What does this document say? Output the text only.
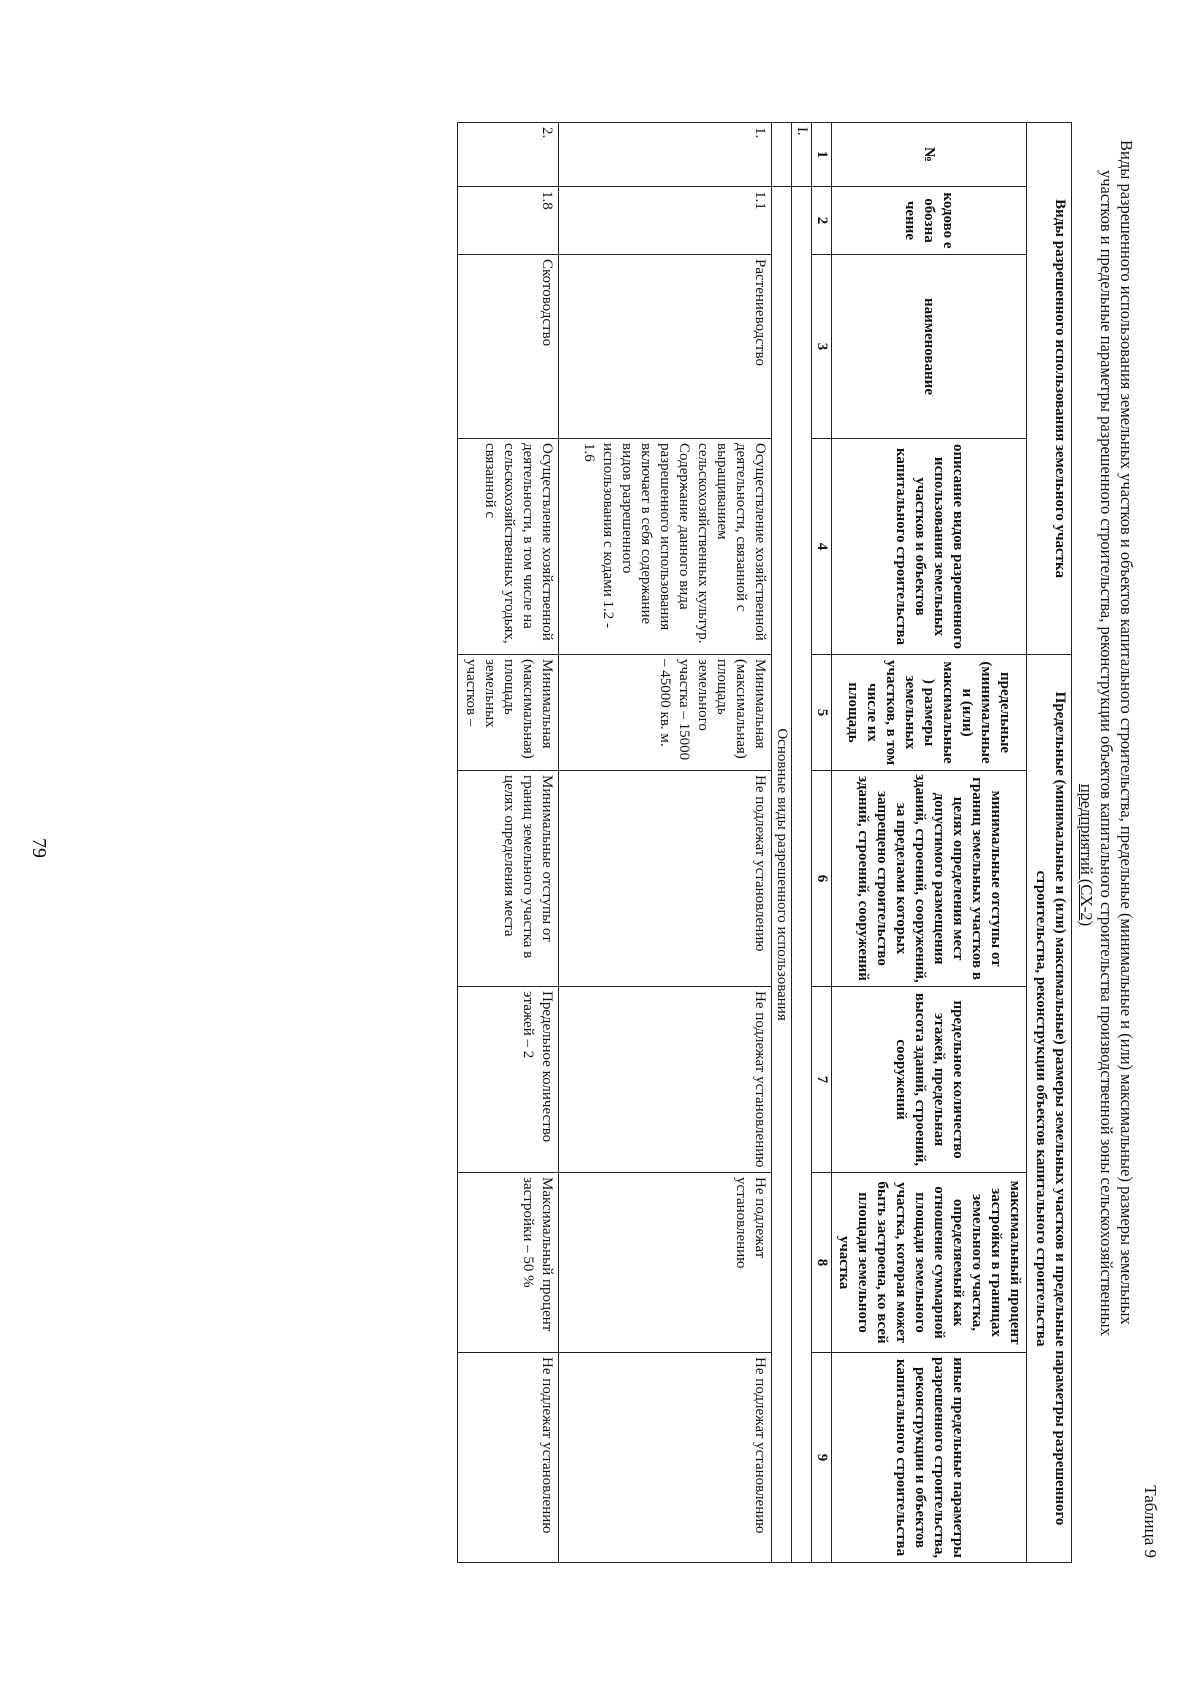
79
Таблица 9
Виды разрешенного использования земельного участка				Предельные (минимальные и (или) максимальные) размеры земельных участков и предельные параметры разрешенного строительства, реконструкции объектов капитального строительства				
№	кодово е обозна чение	наименование	описание видов разрешенного использования земельных участков и объектов капитального строительства	предельные (минимальные и (или) максимальные ) размеры земельных участков, в том числе их площадь	минимальные отступы от границ земельных участков в целях определения мест допустимого размещения зданий, строений, сооружений, за пределами которых запрещено строительство зданий, строений, сооружений	предельное количество этажей, предельная высота зданий, строений, сооружений	максимальный процент застройки в границах земельного участка, определяемый как отношение суммарной площади земельного участка, которая может быть застроена, ко всей площади земельного участка	иные предельные параметры разрешенного строительства, реконструкции и объектов капитального строительства
1	2	3	4	5	6	7	8	9
I.								
	Основные виды разрешенного использования							
1.	1.1	Растениеводство	Осуществление хозяйственной деятельности, связанной с выращиванием сельскохозяйственных культур. Содержание данного вида разрешенного использования включает в себя содержание видов разрешенного использования с кодами 1.2 - 1.6	Минимальная (максимальная) площадь земельного участка – 15000 – 45000 кв. м.	Не подлежат установлению	Не подлежат установлению	Не подлежат установлению	Не подлежат установлению
2.	1.8	Скотоводство	Осуществление хозяйственной деятельности, в том числе на сельскохозяйственных угодьях, связанной с	Минимальная (максимальная) площадь земельных участков –	Минимальные отступы от границ земельного участка в целях определения места	Предельное количество этажей – 2	Максимальный процент застройки – 50 %	Не подлежат установлению
Виды разрешенного использования земельных участков и объектов капитального строительства, предельные (минимальные и (или) максимальные) размеры земельных
участков и предельные параметры разрешенного строительства, реконструкции объектов капитального строительства производственной зоны сельскохозяйственных
предприятий (СХ-2)
